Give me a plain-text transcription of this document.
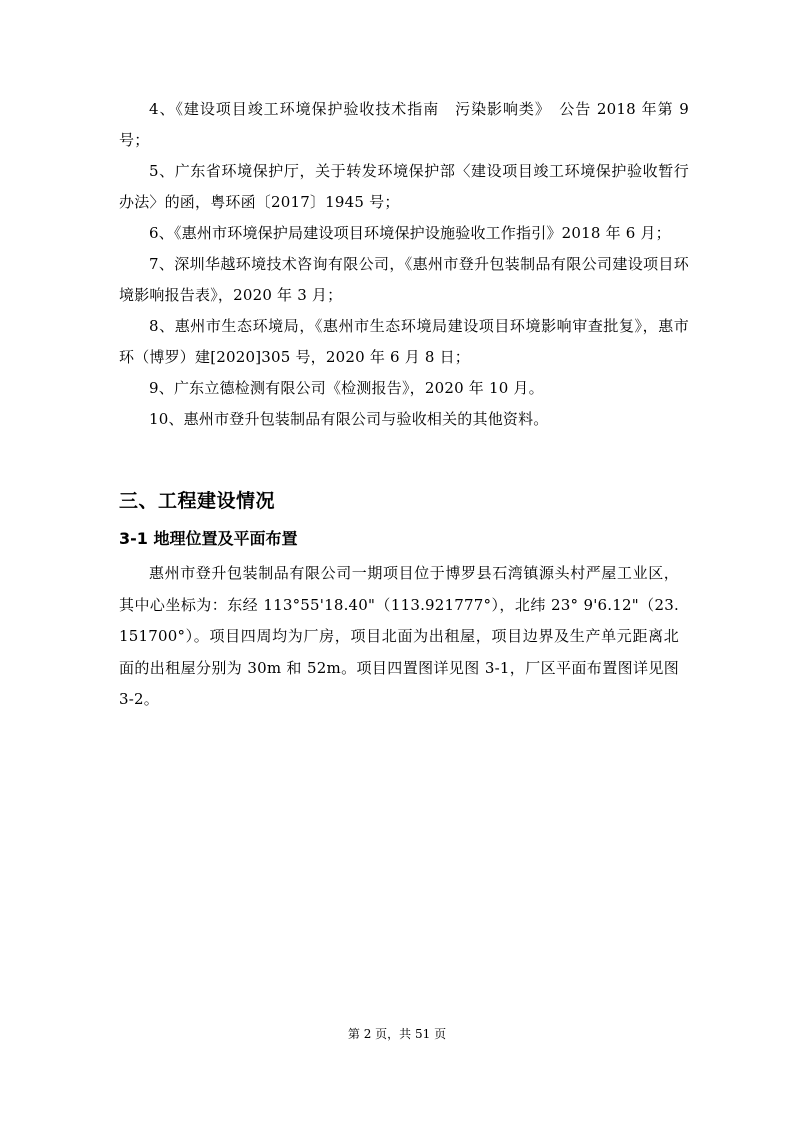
4、《建设项目竣工环境保护验收技术指南　污染影响类》　公告 2018 年第 9 号；

5、广东省环境保护厅，关于转发环境保护部〈建设项目竣工环境保护验收暂行办法〉的函，粤环函〔2017〕1945 号；

6、《惠州市环境保护局建设项目环境保护设施验收工作指引》2018 年 6 月；

7、深圳华越环境技术咨询有限公司，《惠州市登升包装制品有限公司建设项目环境影响报告表》，2020 年 3 月；

8、惠州市生态环境局，《惠州市生态环境局建设项目环境影响审查批复》，惠市环（博罗）建[2020]305 号，2020 年 6 月 8 日；

9、广东立德检测有限公司《检测报告》，2020 年 10 月。

10、惠州市登升包装制品有限公司与验收相关的其他资料。

三、工程建设情况
3-1 地理位置及平面布置

惠州市登升包装制品有限公司一期项目位于博罗县石湾镇源头村严屋工业区，其中心坐标为：东经 113°55'18.40"（113.921777°），北纬 23° 9'6.12"（23.151700°）。项目四周均为厂房，项目北面为出租屋，项目边界及生产单元距离北面的出租屋分别为 30m 和 52m。项目四置图详见图 3-1，厂区平面布置图详见图 3-2。

第 2 页，共 51 页
